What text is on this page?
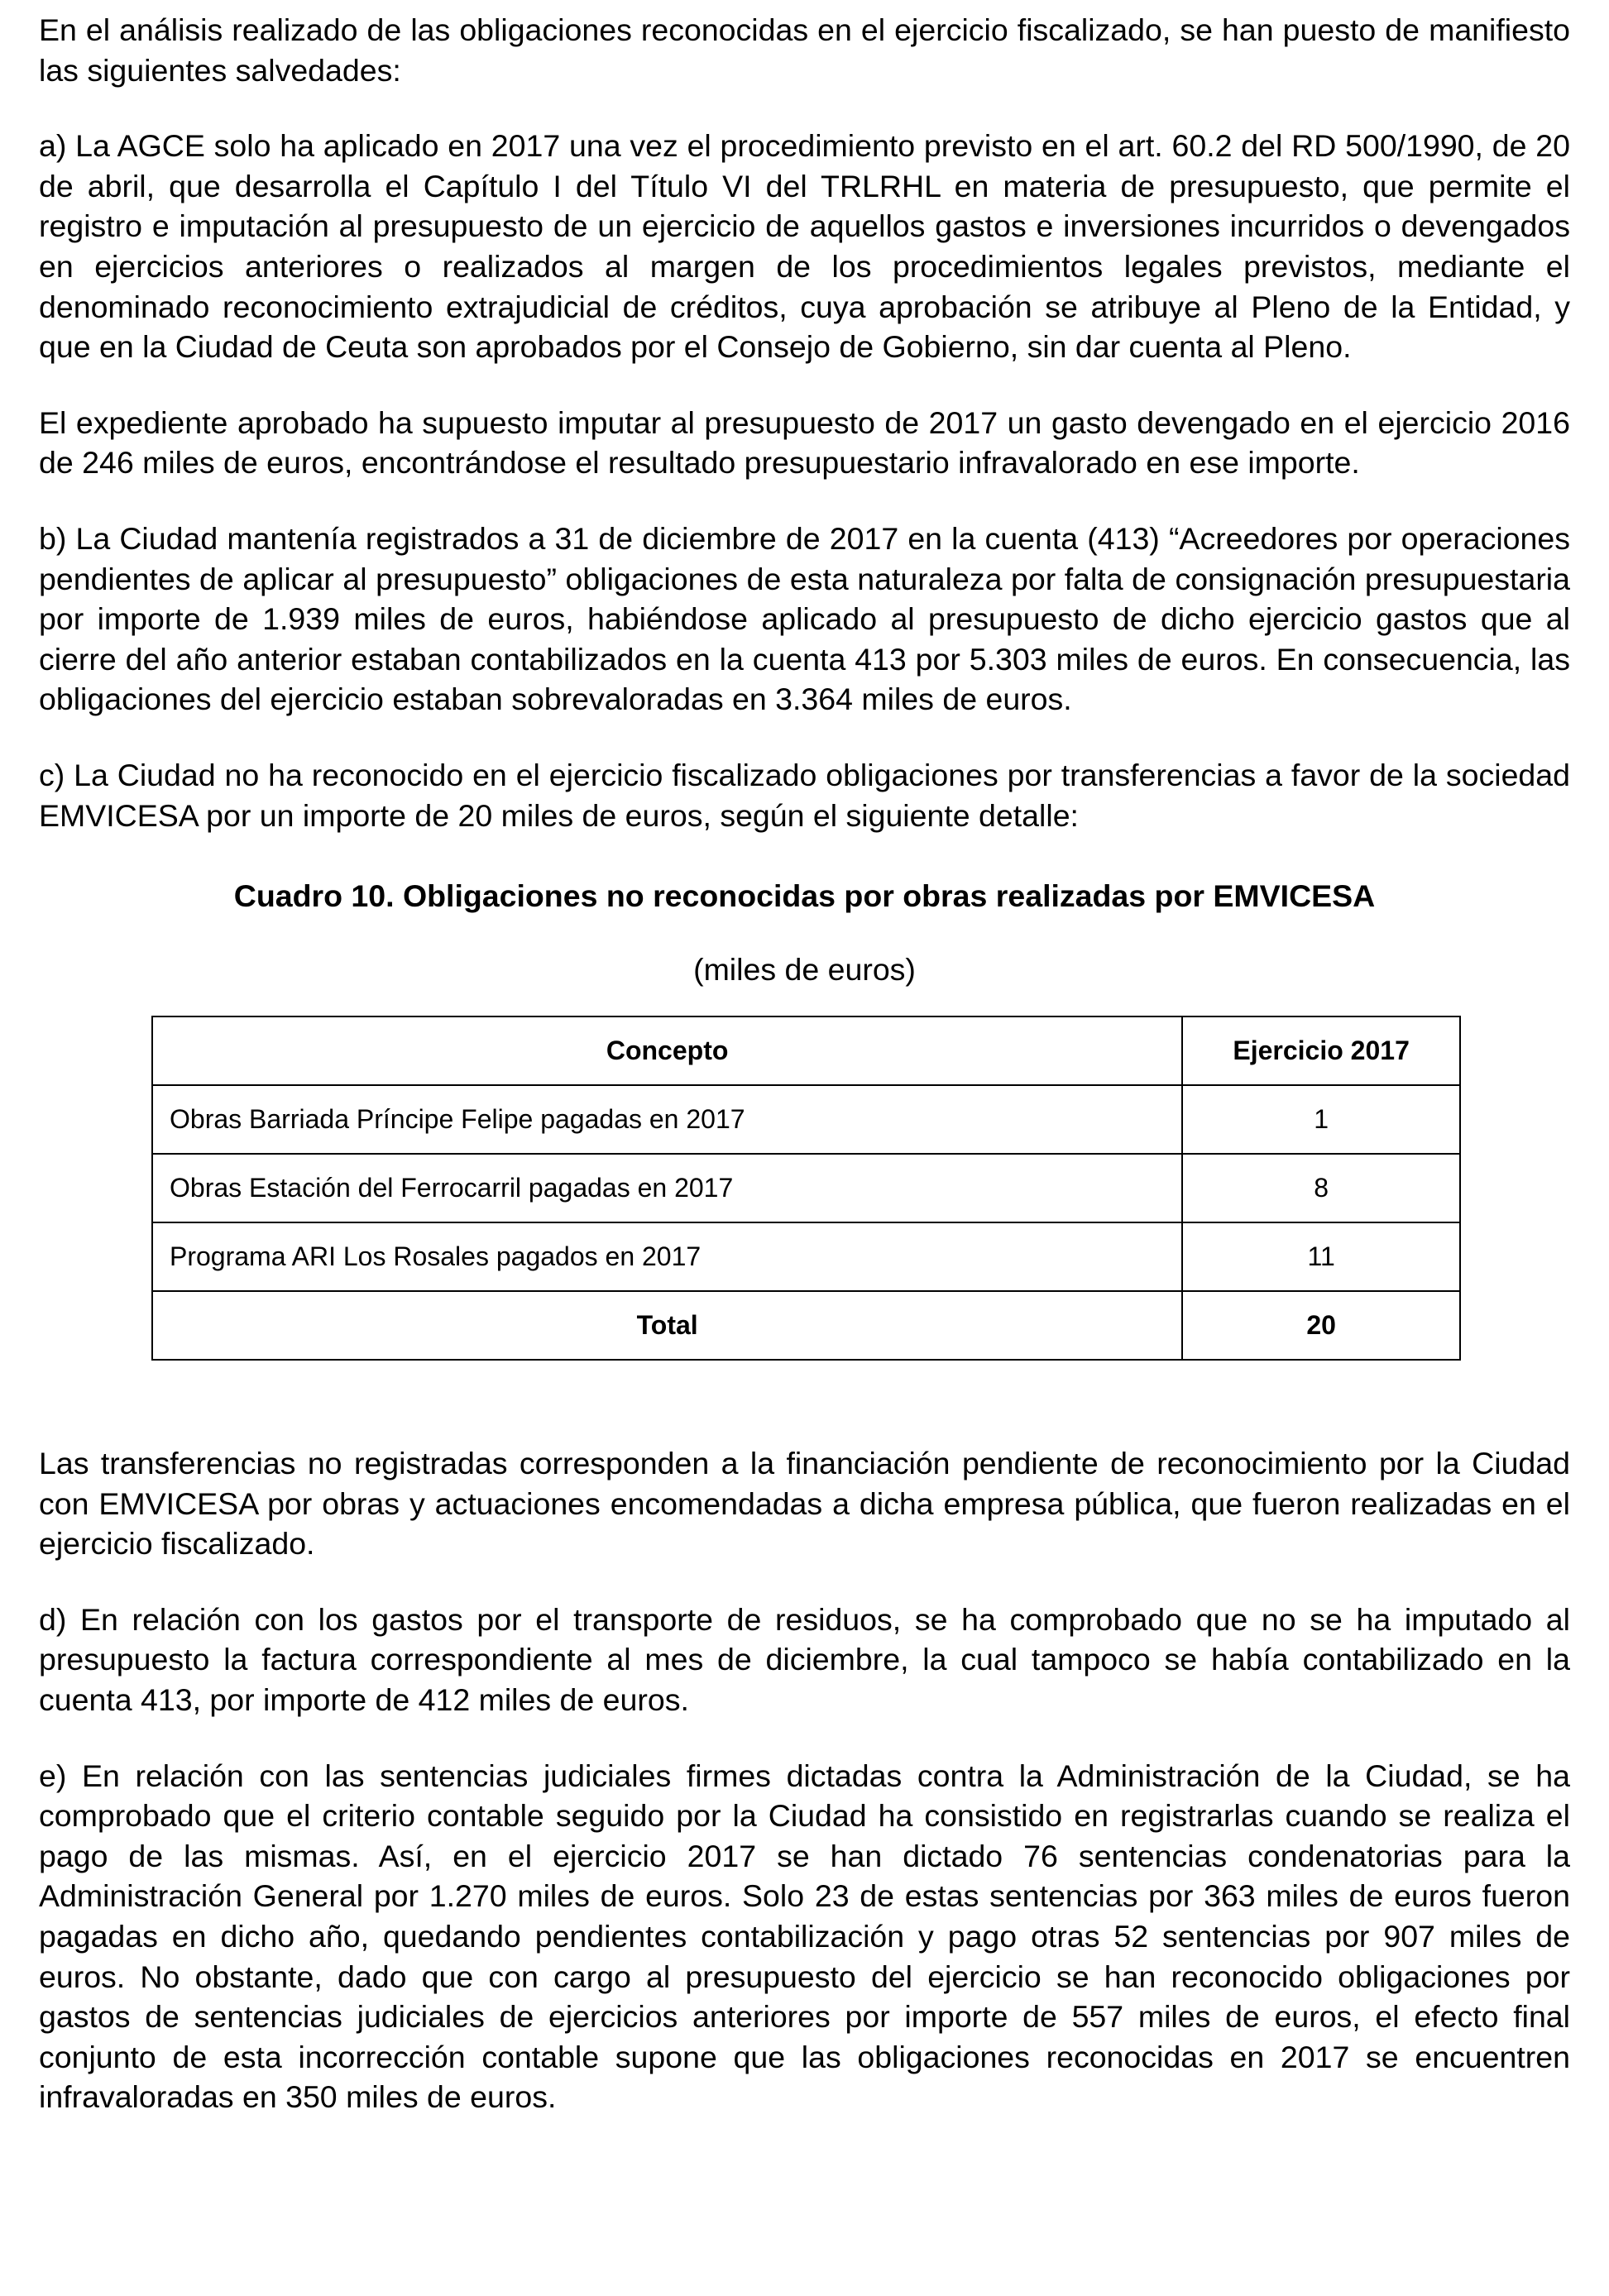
En el análisis realizado de las obligaciones reconocidas en el ejercicio fiscalizado, se han puesto de manifiesto las siguientes salvedades:

a) La AGCE solo ha aplicado en 2017 una vez el procedimiento previsto en el art. 60.2 del RD 500/1990, de 20 de abril, que desarrolla el Capítulo I del Título VI del TRLRHL en materia de presupuesto, que permite el registro e imputación al presupuesto de un ejercicio de aquellos gastos e inversiones incurridos o devengados en ejercicios anteriores o realizados al margen de los procedimientos legales previstos, mediante el denominado reconocimiento extrajudicial de créditos, cuya aprobación se atribuye al Pleno de la Entidad, y que en la Ciudad de Ceuta son aprobados por el Consejo de Gobierno, sin dar cuenta al Pleno.

El expediente aprobado ha supuesto imputar al presupuesto de 2017 un gasto devengado en el ejercicio 2016 de 246 miles de euros, encontrándose el resultado presupuestario infravalorado en ese importe.

b) La Ciudad mantenía registrados a 31 de diciembre de 2017 en la cuenta (413) “Acreedores por operaciones pendientes de aplicar al presupuesto” obligaciones de esta naturaleza por falta de consignación presupuestaria por importe de 1.939 miles de euros, habiéndose aplicado al presupuesto de dicho ejercicio gastos que al cierre del año anterior estaban contabilizados en la cuenta 413 por 5.303 miles de euros. En consecuencia, las obligaciones del ejercicio estaban sobrevaloradas en 3.364 miles de euros.

c) La Ciudad no ha reconocido en el ejercicio fiscalizado obligaciones por transferencias a favor de la sociedad EMVICESA por un importe de 20 miles de euros, según el siguiente detalle:

Cuadro 10. Obligaciones no reconocidas por obras realizadas por EMVICESA
(miles de euros)
Concepto	Ejercicio 2017
Obras Barriada Príncipe Felipe pagadas en 2017	1
Obras Estación del Ferrocarril pagadas en 2017	8
Programa ARI Los Rosales pagados en 2017	11
Total	20

Las transferencias no registradas corresponden a la financiación pendiente de reconocimiento por la Ciudad con EMVICESA por obras y actuaciones encomendadas a dicha empresa pública, que fueron realizadas en el ejercicio fiscalizado.

d) En relación con los gastos por el transporte de residuos, se ha comprobado que no se ha imputado al presupuesto la factura correspondiente al mes de diciembre, la cual tampoco se había contabilizado en la cuenta 413, por importe de 412 miles de euros.

e) En relación con las sentencias judiciales firmes dictadas contra la Administración de la Ciudad, se ha comprobado que el criterio contable seguido por la Ciudad ha consistido en registrarlas cuando se realiza el pago de las mismas. Así, en el ejercicio 2017 se han dictado 76 sentencias condenatorias para la Administración General por 1.270 miles de euros. Solo 23 de estas sentencias por 363 miles de euros fueron pagadas en dicho año, quedando pendientes contabilización y pago otras 52 sentencias por 907 miles de euros. No obstante, dado que con cargo al presupuesto del ejercicio se han reconocido obligaciones por gastos de sentencias judiciales de ejercicios anteriores por importe de 557 miles de euros, el efecto final conjunto de esta incorrección contable supone que las obligaciones reconocidas en 2017 se encuentren infravaloradas en 350 miles de euros.
